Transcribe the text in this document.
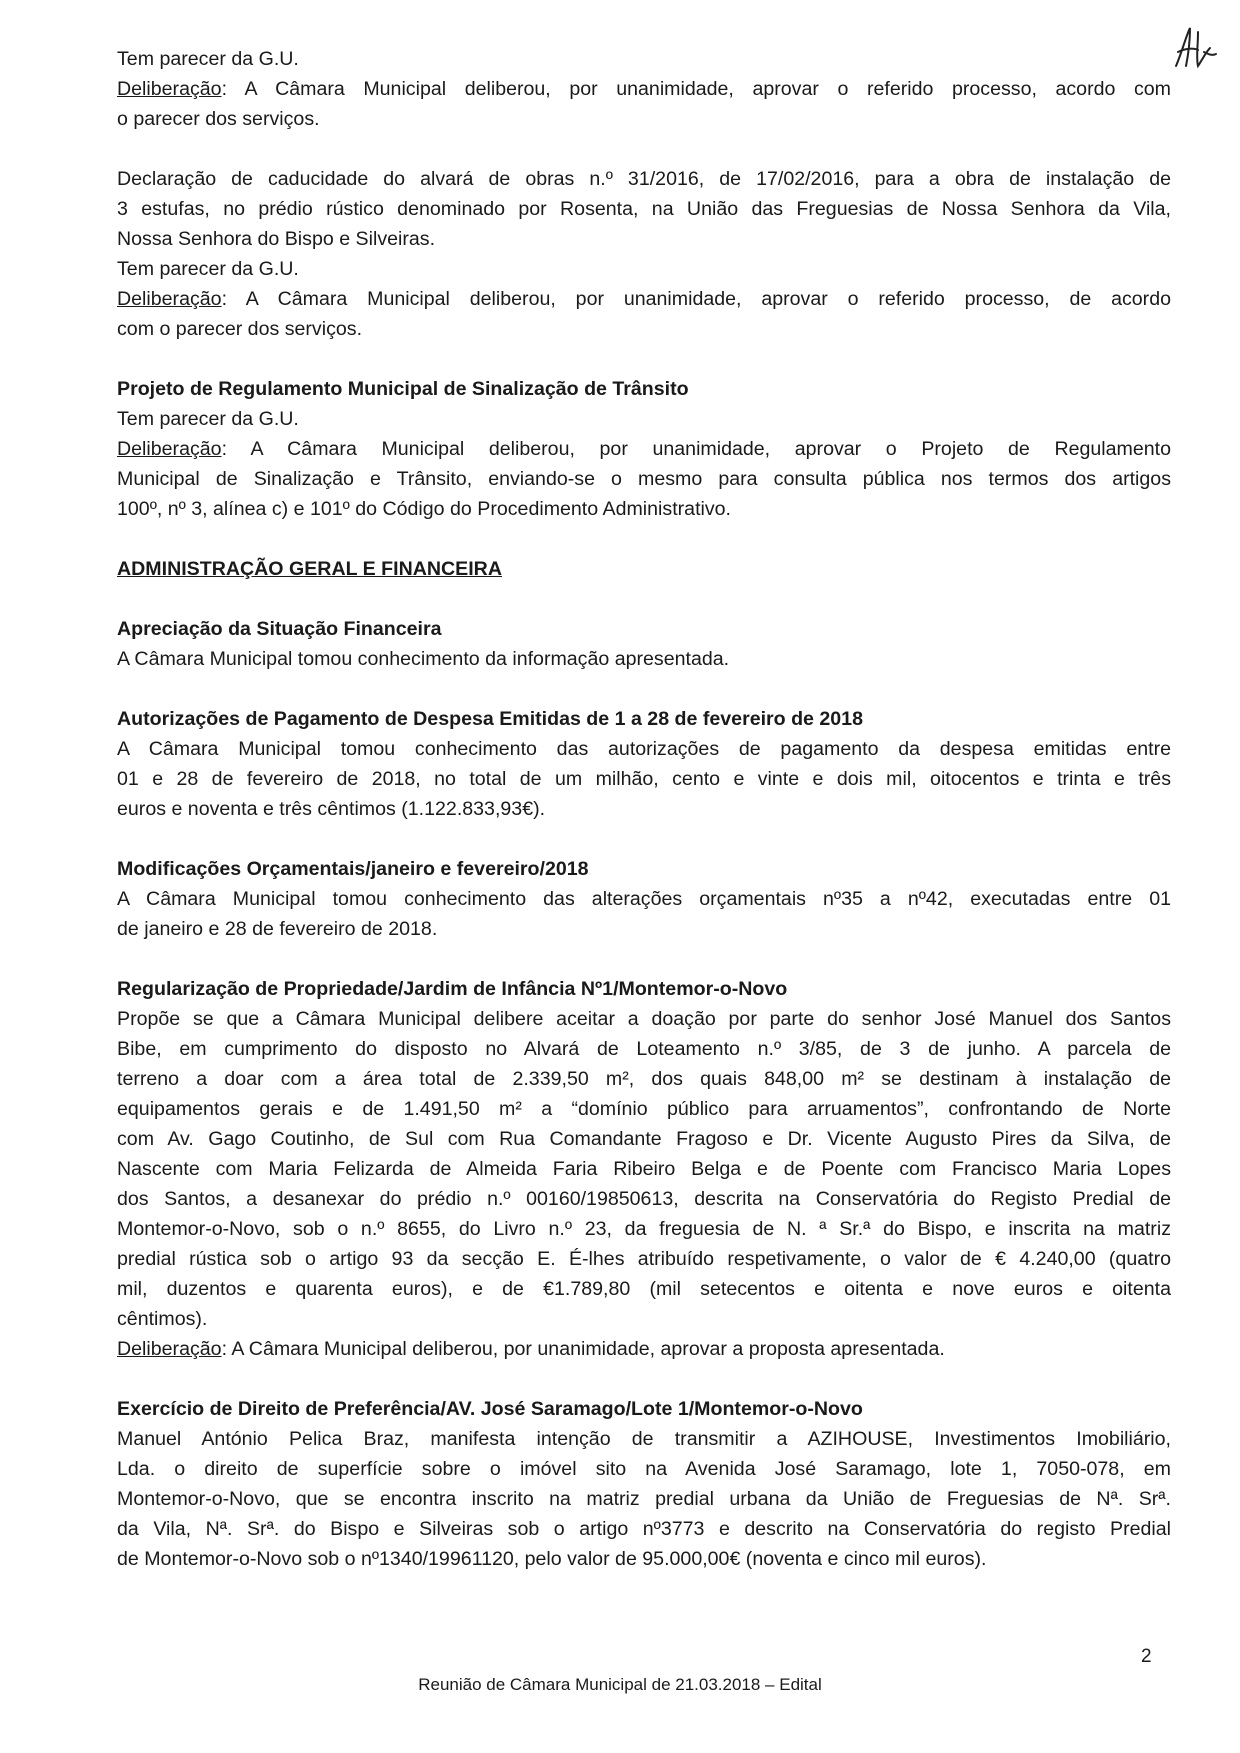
Tem parecer da G.U.
Deliberação: A Câmara Municipal deliberou, por unanimidade, aprovar o referido processo, acordo com
o parecer dos serviços.
Declaração de caducidade do alvará de obras n.º 31/2016, de 17/02/2016, para a obra de instalação de
3 estufas, no prédio rústico denominado por Rosenta, na União das Freguesias de Nossa Senhora da Vila,
Nossa Senhora do Bispo e Silveiras.
Tem parecer da G.U.
Deliberação: A Câmara Municipal deliberou, por unanimidade, aprovar o referido processo, de acordo
com o parecer dos serviços.
Projeto de Regulamento Municipal de Sinalização de Trânsito
Tem parecer da G.U.
Deliberação: A Câmara Municipal deliberou, por unanimidade, aprovar o Projeto de Regulamento
Municipal de Sinalização e Trânsito, enviando-se o mesmo para consulta pública nos termos dos artigos
100º, nº 3, alínea c) e 101º do Código do Procedimento Administrativo.
ADMINISTRAÇÃO GERAL E FINANCEIRA
Apreciação da Situação Financeira
A Câmara Municipal tomou conhecimento da informação apresentada.
Autorizações de Pagamento de Despesa Emitidas de 1 a 28 de fevereiro de 2018
A Câmara Municipal tomou conhecimento das autorizações de pagamento da despesa emitidas entre
01 e 28 de fevereiro de 2018, no total de um milhão, cento e vinte e dois mil, oitocentos e trinta e três
euros e noventa e três cêntimos (1.122.833,93€).
Modificações Orçamentais/janeiro e fevereiro/2018
A Câmara Municipal tomou conhecimento das alterações orçamentais nº35 a nº42, executadas entre 01
de janeiro e 28 de fevereiro de 2018.
Regularização de Propriedade/Jardim de Infância Nº1/Montemor-o-Novo
Propõe se que a Câmara Municipal delibere aceitar a doação por parte do senhor José Manuel dos Santos
Bibe, em cumprimento do disposto no Alvará de Loteamento n.º 3/85, de 3 de junho. A parcela de
terreno a doar com a área total de 2.339,50 m², dos quais 848,00 m² se destinam à instalação de
equipamentos gerais e de 1.491,50 m² a “domínio público para arruamentos”, confrontando de Norte
com Av. Gago Coutinho, de Sul com Rua Comandante Fragoso e Dr. Vicente Augusto Pires da Silva, de
Nascente com Maria Felizarda de Almeida Faria Ribeiro Belga e de Poente com Francisco Maria Lopes
dos Santos, a desanexar do prédio n.º 00160/19850613, descrita na Conservatória do Registo Predial de
Montemor-o-Novo, sob o n.º 8655, do Livro n.º 23, da freguesia de N. ª Sr.ª do Bispo, e inscrita na matriz
predial rústica sob o artigo 93 da secção E. É-lhes atribuído respetivamente, o valor de € 4.240,00 (quatro
mil, duzentos e quarenta euros), e de €1.789,80 (mil setecentos e oitenta e nove euros e oitenta
cêntimos).
Deliberação: A Câmara Municipal deliberou, por unanimidade, aprovar a proposta apresentada.
Exercício de Direito de Preferência/AV. José Saramago/Lote 1/Montemor-o-Novo
Manuel António Pelica Braz, manifesta intenção de transmitir a AZIHOUSE, Investimentos Imobiliário,
Lda. o direito de superfície sobre o imóvel sito na Avenida José Saramago, lote 1, 7050-078, em
Montemor-o-Novo, que se encontra inscrito na matriz predial urbana da União de Freguesias de Nª. Srª.
da Vila, Nª. Srª. do Bispo e Silveiras sob o artigo nº3773 e descrito na Conservatória do registo Predial
de Montemor-o-Novo sob o nº1340/19961120, pelo valor de 95.000,00€ (noventa e cinco mil euros).
2
Reunião de Câmara Municipal de 21.03.2018 – Edital
